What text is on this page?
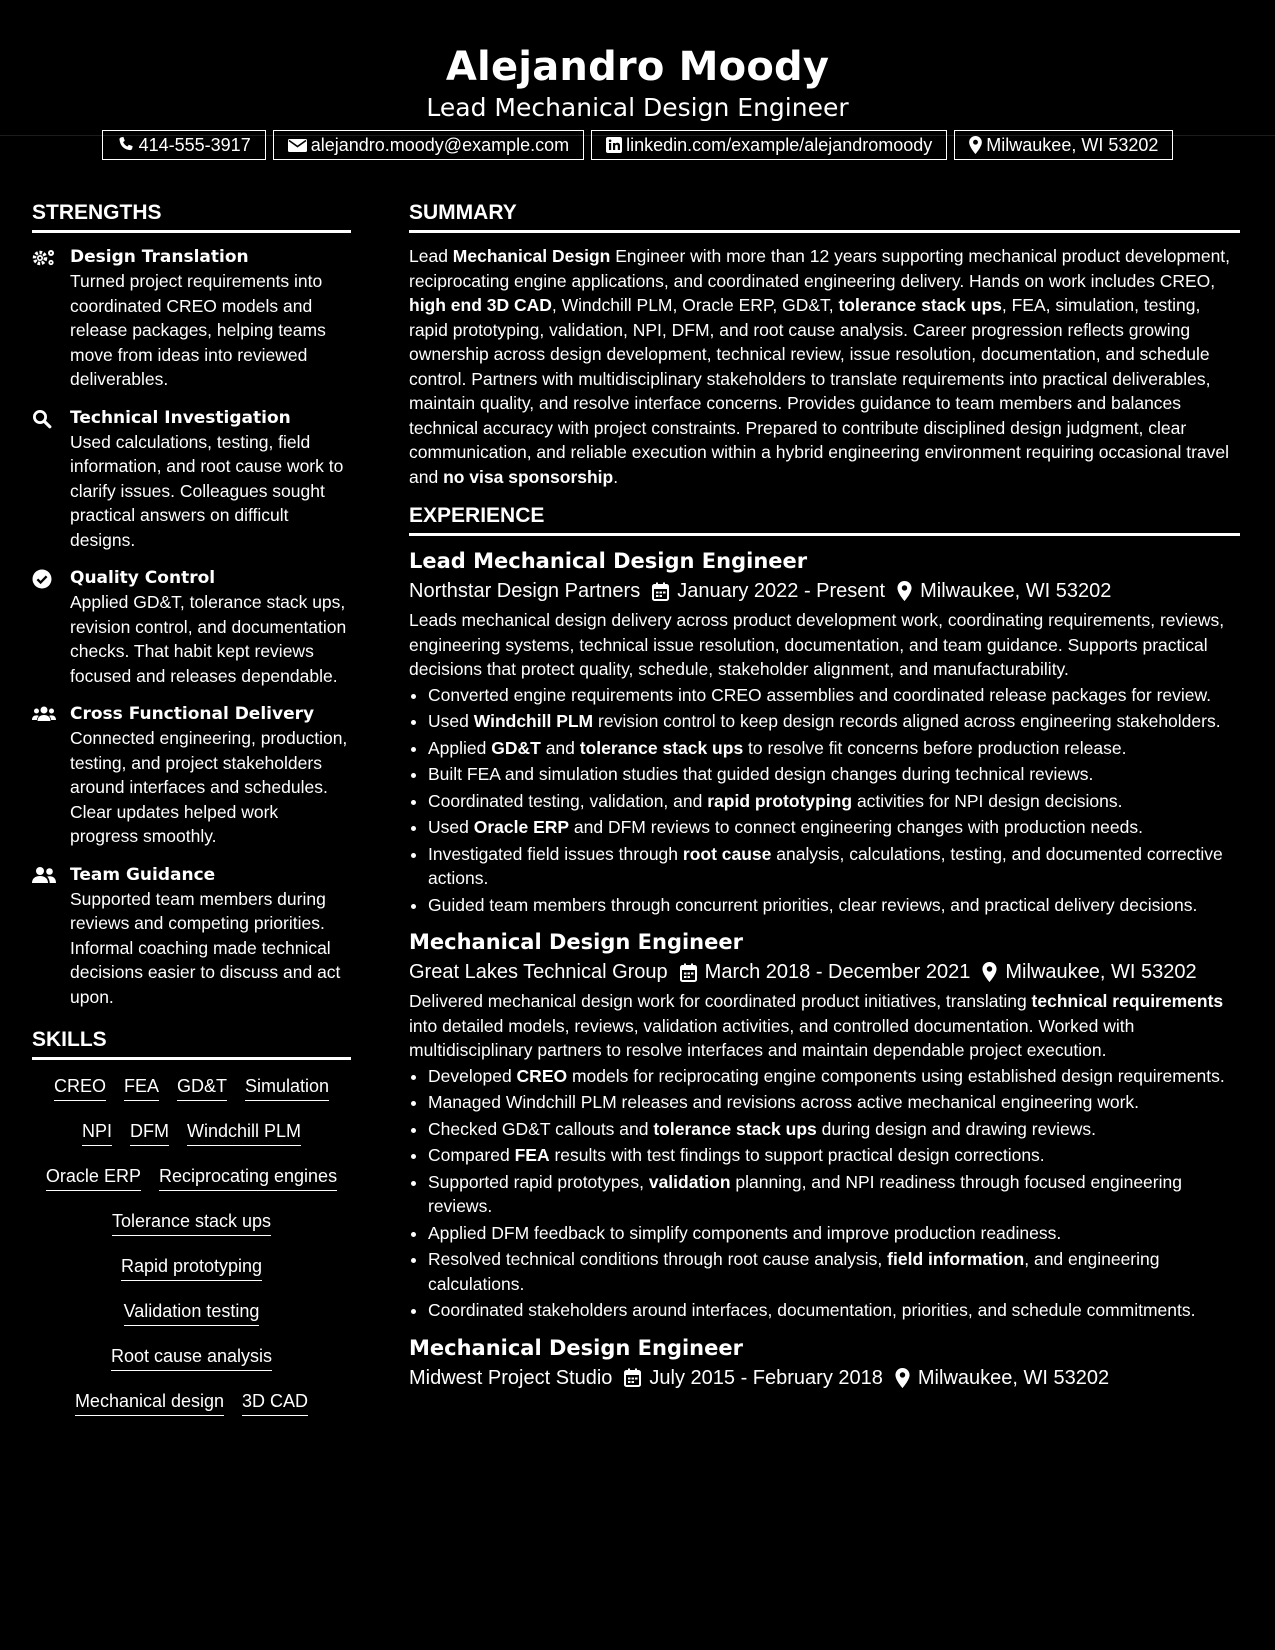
Alejandro Moody
Lead Mechanical Design Engineer
414-555-3917	alejandro.moody@example.com	linkedin.com/example/alejandromoody	Milwaukee, WI 53202
STRENGTHS
Design Translation
Turned project requirements into coordinated CREO models and release packages, helping teams move from ideas into reviewed deliverables.
Technical Investigation
Used calculations, testing, field information, and root cause work to clarify issues. Colleagues sought practical answers on difficult designs.
Quality Control
Applied GD&T, tolerance stack ups, revision control, and documentation checks. That habit kept reviews focused and releases dependable.
Cross Functional Delivery
Connected engineering, production, testing, and project stakeholders around interfaces and schedules. Clear updates helped work progress smoothly.
Team Guidance
Supported team members during reviews and competing priorities. Informal coaching made technical decisions easier to discuss and act upon.
SKILLS
CREO FEA GD&T Simulation
NPI DFM Windchill PLM
Oracle ERP Reciprocating engines
Tolerance stack ups
Rapid prototyping
Validation testing
Root cause analysis
Mechanical design 3D CAD
SUMMARY
Lead Mechanical Design Engineer with more than 12 years supporting mechanical product development, reciprocating engine applications, and coordinated engineering delivery. Hands on work includes CREO, high end 3D CAD, Windchill PLM, Oracle ERP, GD&T, tolerance stack ups, FEA, simulation, testing, rapid prototyping, validation, NPI, DFM, and root cause analysis. Career progression reflects growing ownership across design development, technical review, issue resolution, documentation, and schedule control. Partners with multidisciplinary stakeholders to translate requirements into practical deliverables, maintain quality, and resolve interface concerns. Provides guidance to team members and balances technical accuracy with project constraints. Prepared to contribute disciplined design judgment, clear communication, and reliable execution within a hybrid engineering environment requiring occasional travel and no visa sponsorship.
EXPERIENCE
Lead Mechanical Design Engineer
Northstar Design Partners January 2022 - Present Milwaukee, WI 53202
Leads mechanical design delivery across product development work, coordinating requirements, reviews, engineering systems, technical issue resolution, documentation, and team guidance. Supports practical decisions that protect quality, schedule, stakeholder alignment, and manufacturability.
• Converted engine requirements into CREO assemblies and coordinated release packages for review.
• Used Windchill PLM revision control to keep design records aligned across engineering stakeholders.
• Applied GD&T and tolerance stack ups to resolve fit concerns before production release.
• Built FEA and simulation studies that guided design changes during technical reviews.
• Coordinated testing, validation, and rapid prototyping activities for NPI design decisions.
• Used Oracle ERP and DFM reviews to connect engineering changes with production needs.
• Investigated field issues through root cause analysis, calculations, testing, and documented corrective actions.
• Guided team members through concurrent priorities, clear reviews, and practical delivery decisions.
Mechanical Design Engineer
Great Lakes Technical Group March 2018 - December 2021 Milwaukee, WI 53202
Delivered mechanical design work for coordinated product initiatives, translating technical requirements into detailed models, reviews, validation activities, and controlled documentation. Worked with multidisciplinary partners to resolve interfaces and maintain dependable project execution.
• Developed CREO models for reciprocating engine components using established design requirements.
• Managed Windchill PLM releases and revisions across active mechanical engineering work.
• Checked GD&T callouts and tolerance stack ups during design and drawing reviews.
• Compared FEA results with test findings to support practical design corrections.
• Supported rapid prototypes, validation planning, and NPI readiness through focused engineering reviews.
• Applied DFM feedback to simplify components and improve production readiness.
• Resolved technical conditions through root cause analysis, field information, and engineering calculations.
• Coordinated stakeholders around interfaces, documentation, priorities, and schedule commitments.
Mechanical Design Engineer
Midwest Project Studio July 2015 - February 2018 Milwaukee, WI 53202
